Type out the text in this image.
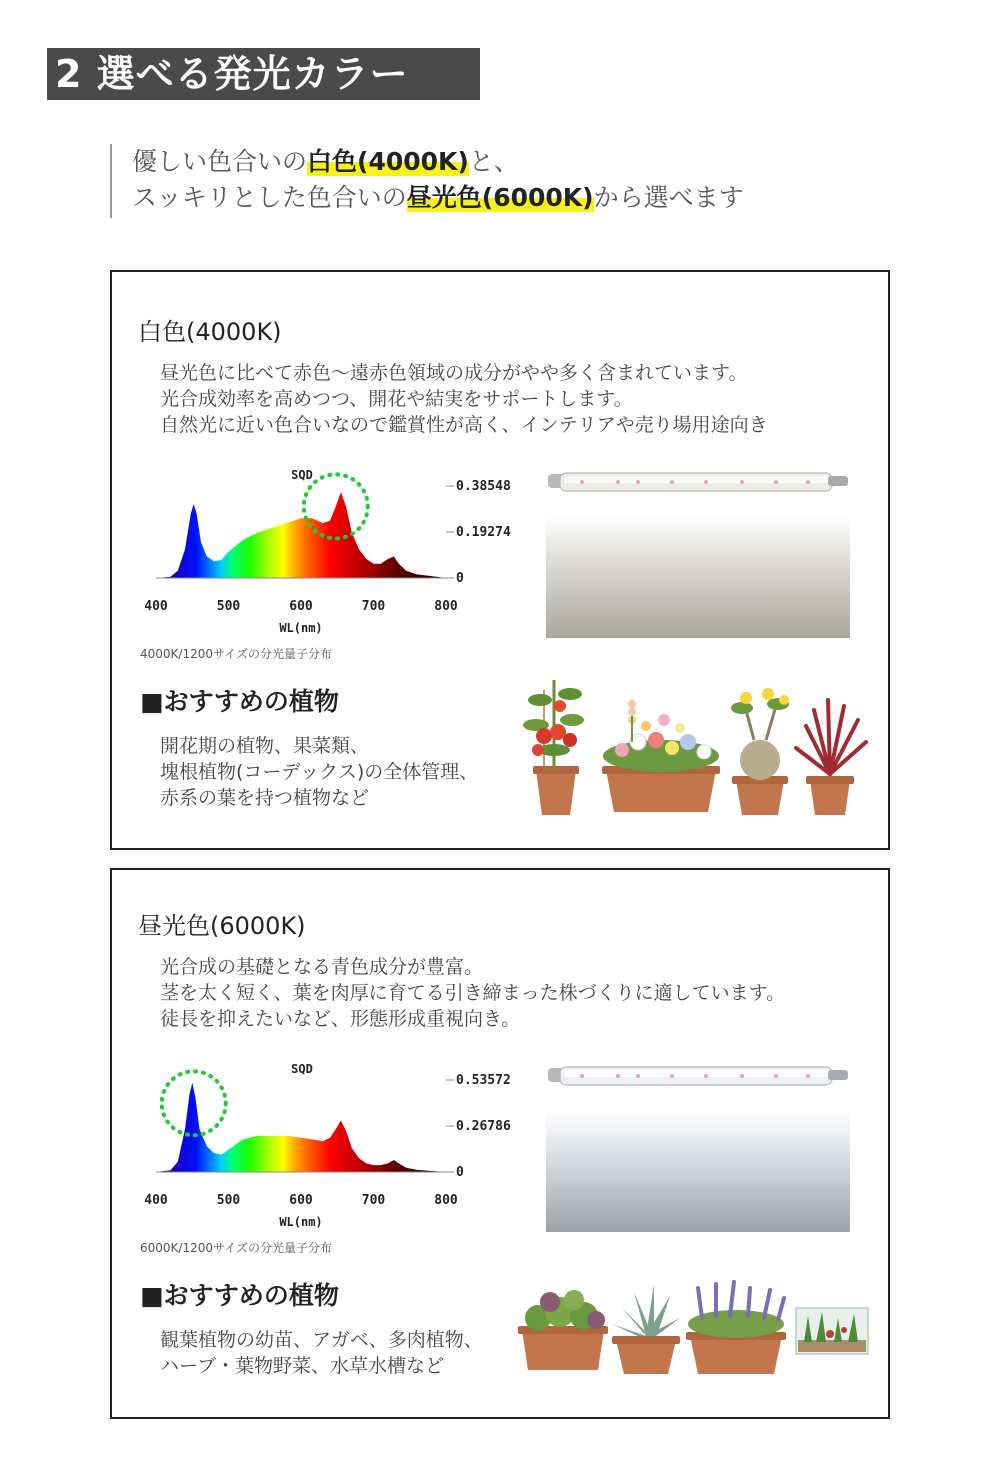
2 選べる発光カラー
優しい色合いの白色(4000K)と、
スッキリとした色合いの昼光色(6000K)から選べます
白色(4000K)
昼光色に比べて赤色～遠赤色領域の成分がやや多く含まれています。
光合成効率を高めつつ、開花や結実をサポートします。
自然光に近い色合いなので鑑賞性が高く、インテリアや売り場用途向き
400	500	600	700	800
WL(nm)
SQD
0
0.19274
0.38548
4000K/1200サイズの分光量子分布
■おすすめの植物
開花期の植物、果菜類、
塊根植物(コーデックス)の全体管理、
赤系の葉を持つ植物など
昼光色(6000K)
光合成の基礎となる青色成分が豊富。
茎を太く短く、葉を肉厚に育てる引き締まった株づくりに適しています。
徒長を抑えたいなど、形態形成重視向き。
400	500	600	700	800
WL(nm)
SQD
0
0.26786
0.53572
6000K/1200サイズの分光量子分布
■おすすめの植物
観葉植物の幼苗、アガベ、多肉植物、
ハーブ・葉物野菜、水草水槽など
